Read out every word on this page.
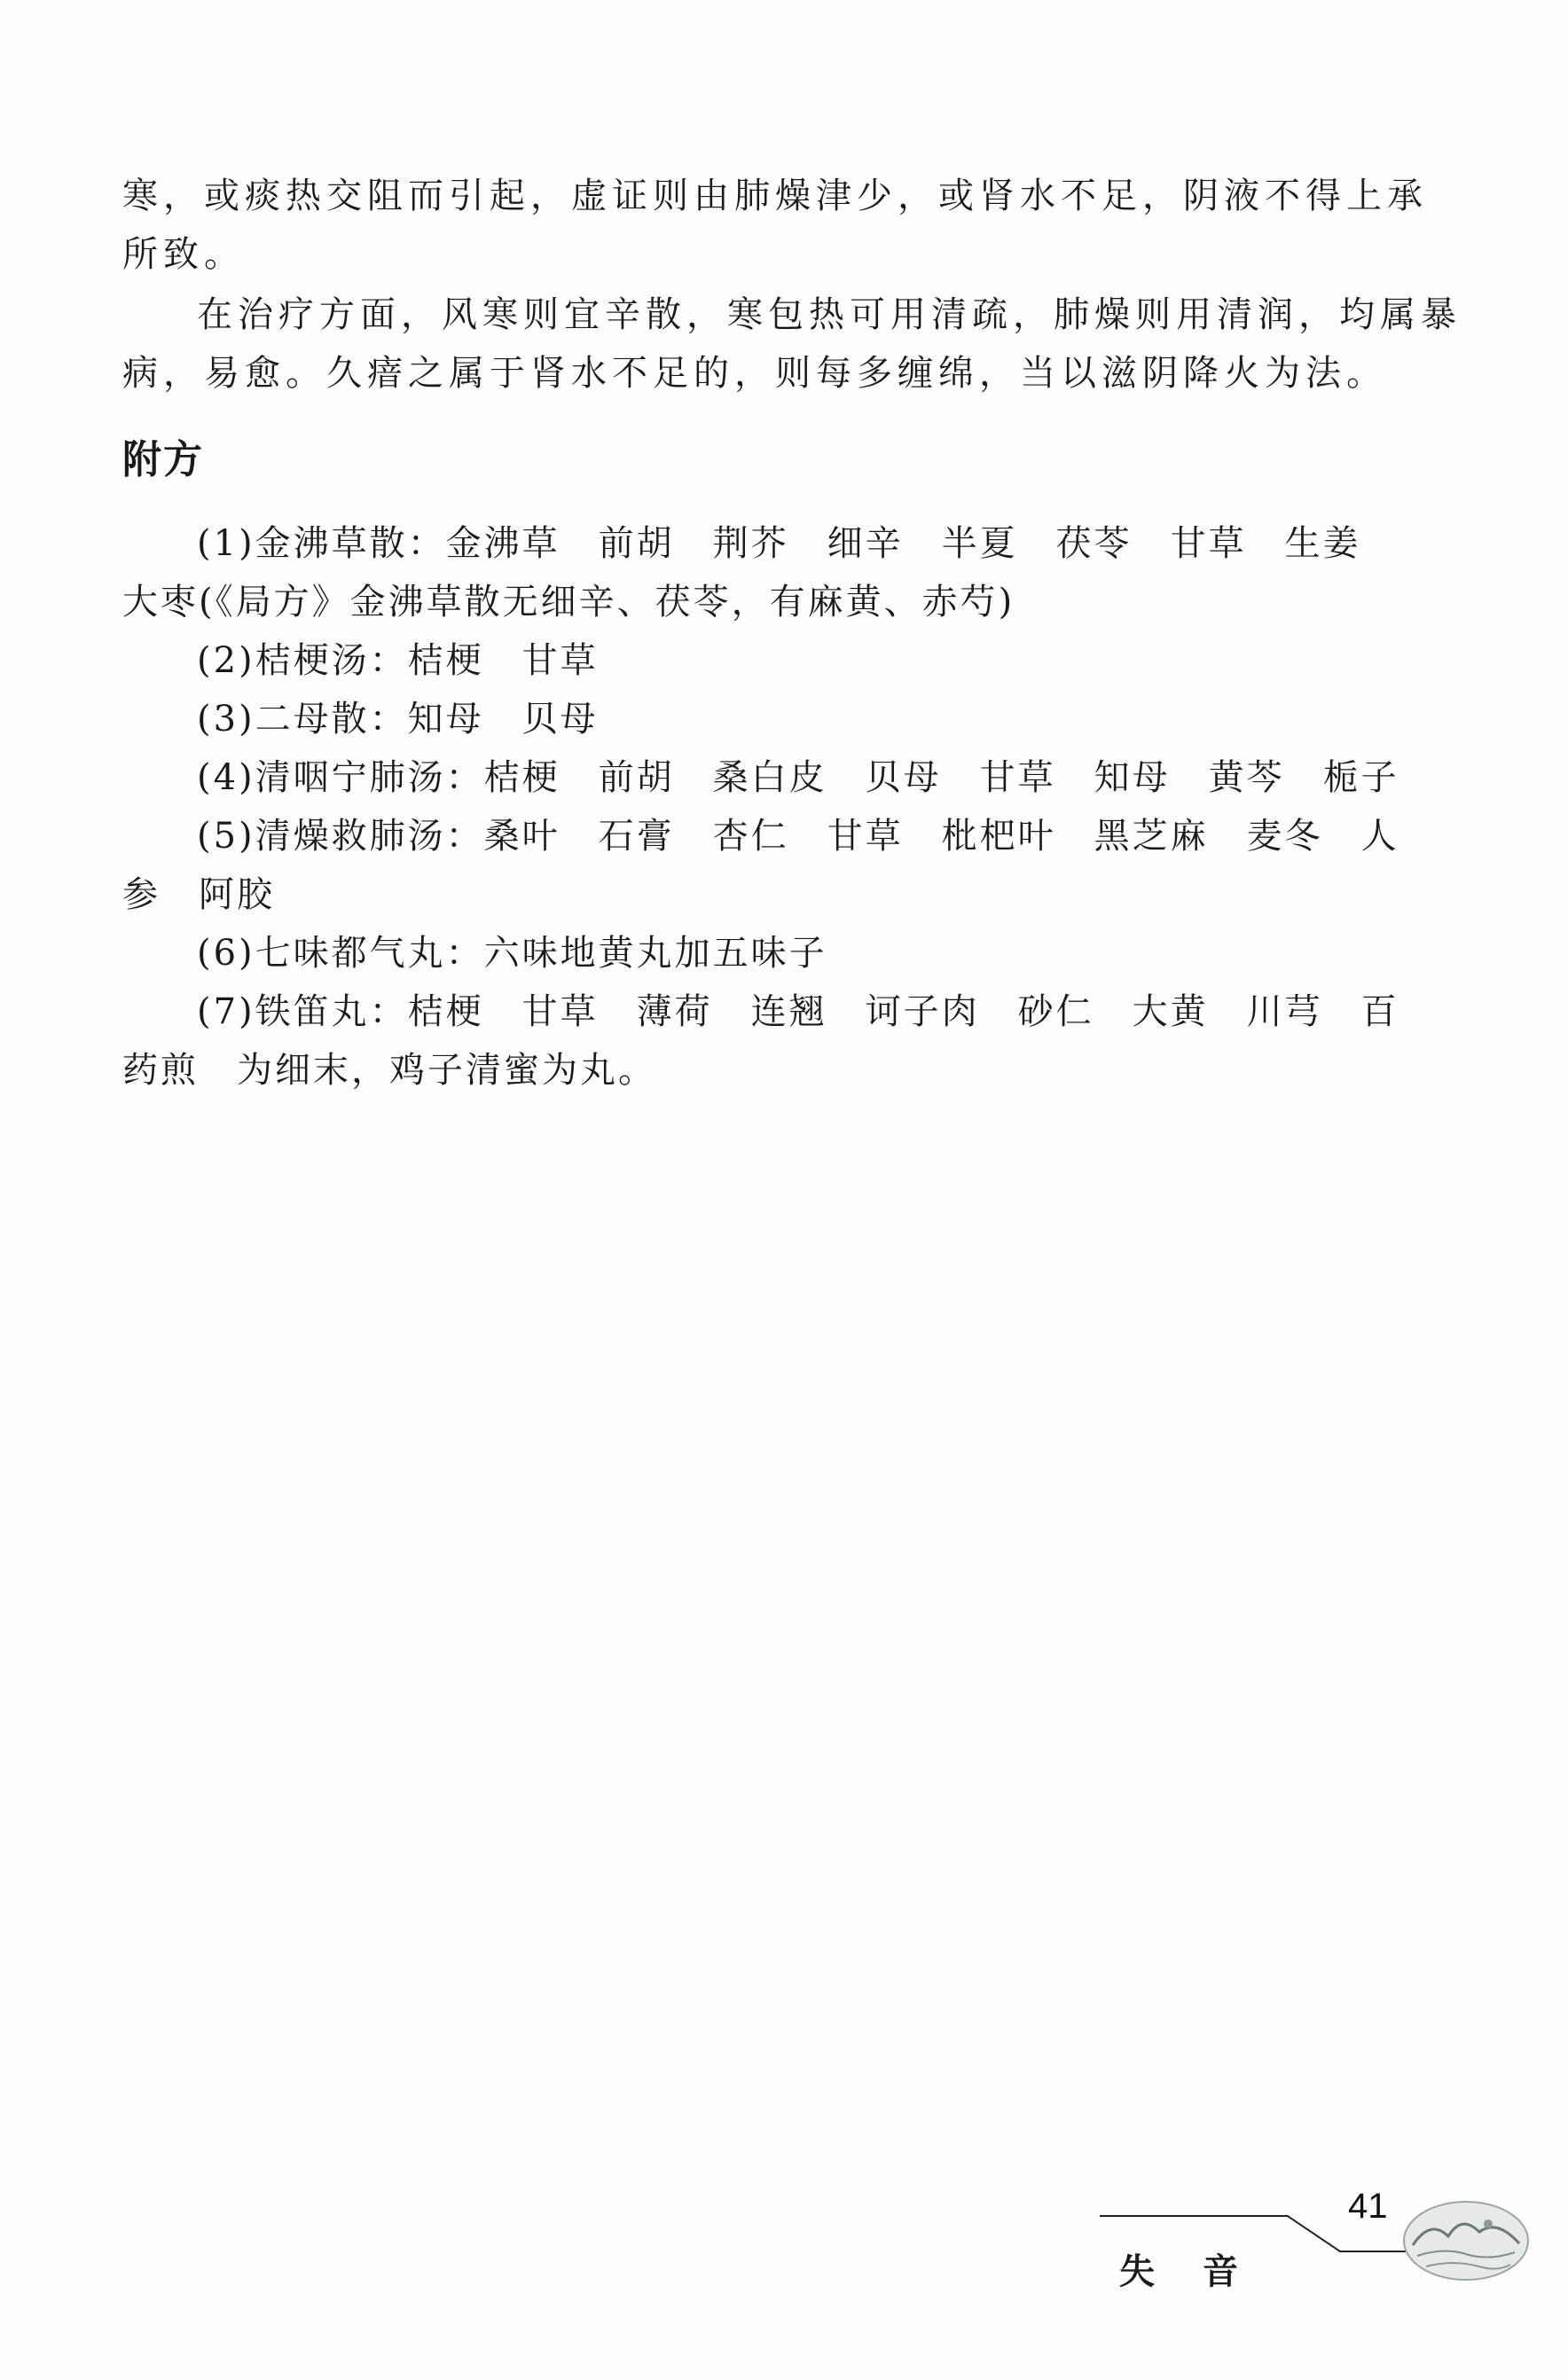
寒，或痰热交阻而引起，虚证则由肺燥津少，或肾水不足，阴液不得上承
所致。
在治疗方面，风寒则宜辛散，寒包热可用清疏，肺燥则用清润，均属暴
病，易愈。久瘖之属于肾水不足的，则每多缠绵，当以滋阴降火为法。
附方
(1)金沸草散：金沸草　前胡　荆芥　细辛　半夏　茯苓　甘草　生姜
大枣(《局方》金沸草散无细辛、茯苓，有麻黄、赤芍)
(2)桔梗汤：桔梗　甘草
(3)二母散：知母　贝母
(4)清咽宁肺汤：桔梗　前胡　桑白皮　贝母　甘草　知母　黄芩　栀子
(5)清燥救肺汤：桑叶　石膏　杏仁　甘草　枇杷叶　黑芝麻　麦冬　人
参　阿胶
(6)七味都气丸：六味地黄丸加五味子
(7)铁笛丸：桔梗　甘草　薄荷　连翘　诃子肉　砂仁　大黄　川芎　百
药煎　为细末，鸡子清蜜为丸。
失音
41
